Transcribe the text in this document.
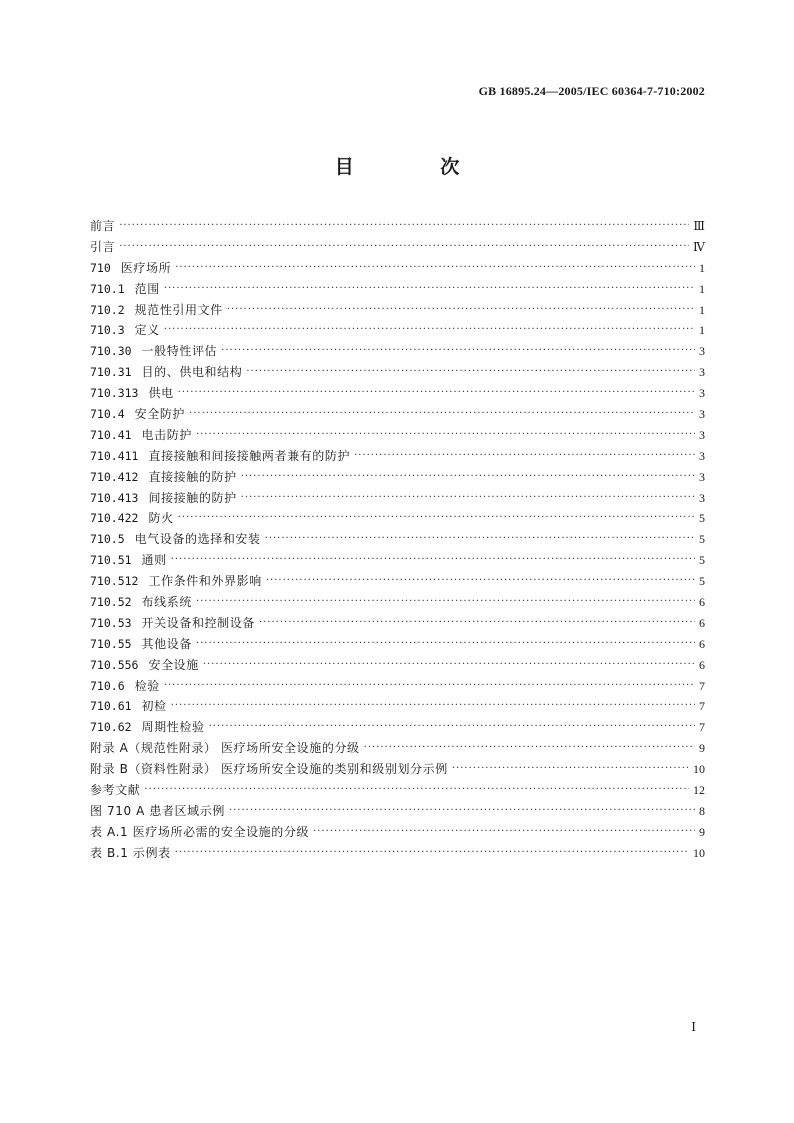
GB 16895.24—2005/IEC 60364-7-710:2002
目 次
前言 ·····	Ⅲ
引言 ·····	Ⅳ
710 医疗场所 ·····	1
710.1 范围 ·····	1
710.2 规范性引用文件 ·····	1
710.3 定义 ·····	1
710.30 一般特性评估 ·····	3
710.31 目的、供电和结构 ·····	3
710.313 供电 ·····	3
710.4 安全防护 ·····	3
710.41 电击防护 ·····	3
710.411 直接接触和间接接触两者兼有的防护 ·····	3
710.412 直接接触的防护 ·····	3
710.413 间接接触的防护 ·····	3
710.422 防火 ·····	5
710.5 电气设备的选择和安装 ·····	5
710.51 通则 ·····	5
710.512 工作条件和外界影响 ·····	5
710.52 布线系统 ·····	6
710.53 开关设备和控制设备 ·····	6
710.55 其他设备 ·····	6
710.556 安全设施 ·····	6
710.6 检验 ·····	7
710.61 初检 ·····	7
710.62 周期性检验 ·····	7
附录 A（规范性附录） 医疗场所安全设施的分级 ·····	9
附录 B（资料性附录） 医疗场所安全设施的类别和级别划分示例 ·····	10
参考文献 ·····	12
图 710 A 患者区域示例 ·····	8
表 A.1 医疗场所必需的安全设施的分级 ·····	9
表 B.1 示例表 ·····	10
Ⅰ
